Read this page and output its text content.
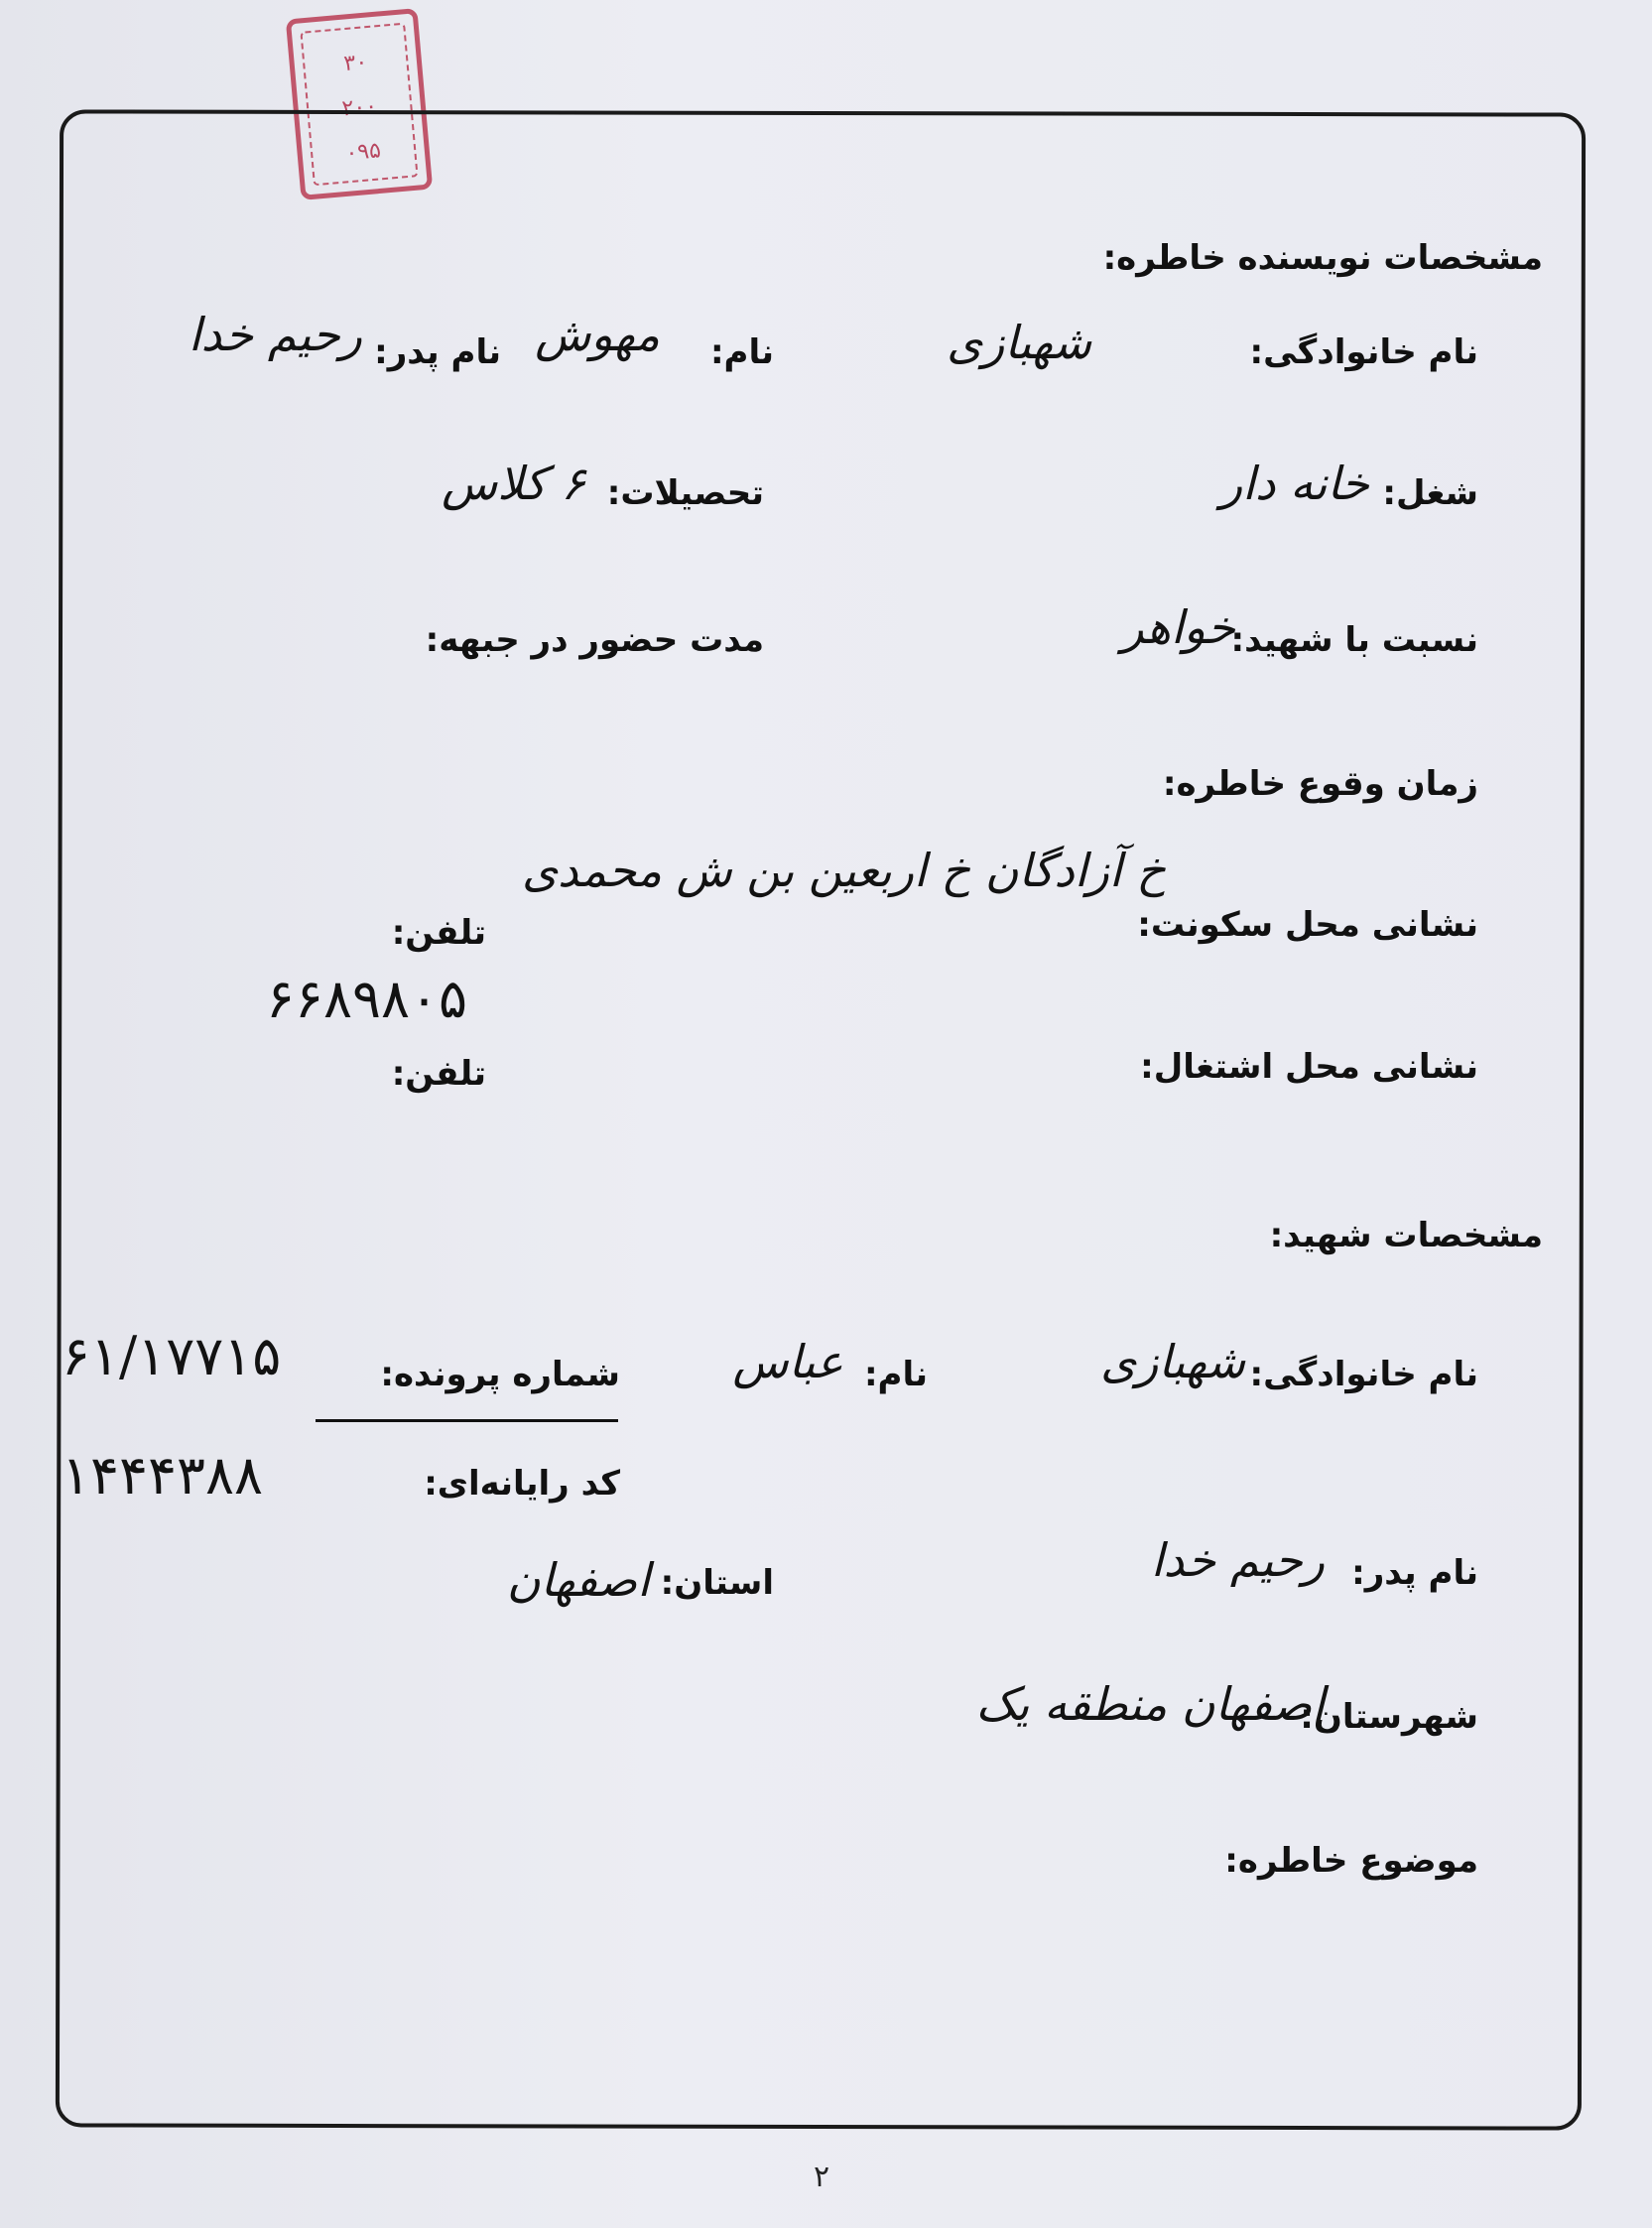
۳۰
۲۰۰
۰۹۵
مشخصات نویسنده خاطره:
نام خانوادگی:
شهبازی
نام:
مهوش
نام پدر:
رحیم خدا
شغل:
خانه دار
تحصیلات:
۶ کلاس
نسبت با شهید:
خواهر
مدت حضور در جبهه:
زمان وقوع خاطره:
نشانی محل سکونت:
خ آزادگان خ اربعین بن ش محمدی
تلفن:
۶۶۸۹۸۰۵
نشانی محل اشتغال:
تلفن:
مشخصات شهید:
نام خانوادگی:
شهبازی
نام:
عباس
شماره پرونده:
۶۱/۱۷۷۱۵
کد رایانه‌ای:
۱۴۴۴۳۸۸
نام پدر:
رحیم خدا
استان:
اصفهان
شهرستان:
اصفهان منطقه یک
موضوع خاطره:
۲
